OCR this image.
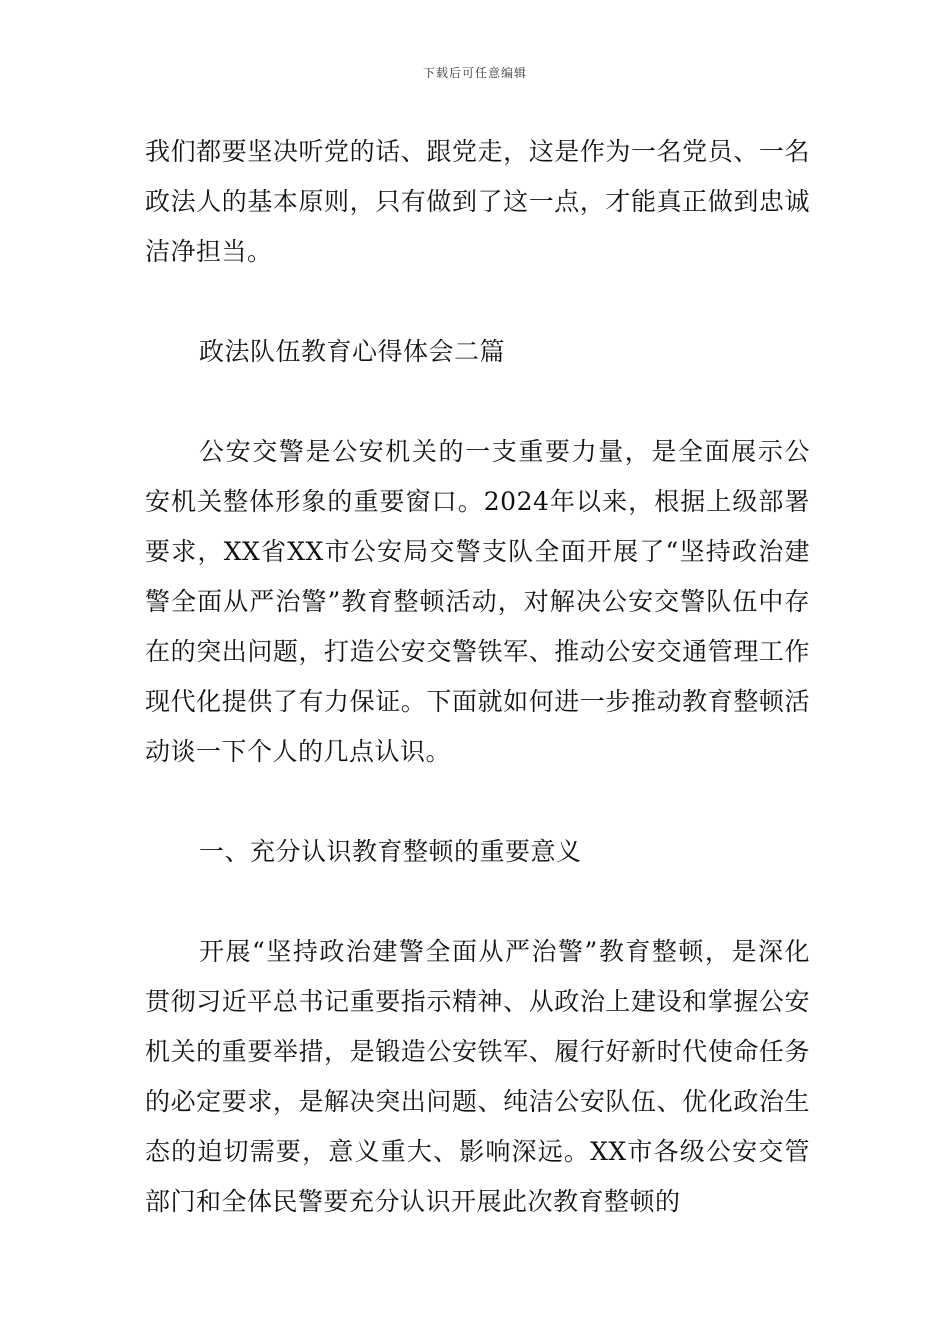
下载后可任意编辑

我们都要坚决听党的话、跟党走，这是作为一名党员、一名政法人的基本原则，只有做到了这一点，才能真正做到忠诚洁净担当。

政法队伍教育心得体会二篇

公安交警是公安机关的一支重要力量，是全面展示公安机关整体形象的重要窗口。2024年以来，根据上级部署要求，XX省XX市公安局交警支队全面开展了“坚持政治建警全面从严治警”教育整顿活动，对解决公安交警队伍中存在的突出问题，打造公安交警铁军、推动公安交通管理工作现代化提供了有力保证。下面就如何进一步推动教育整顿活动谈一下个人的几点认识。

一、充分认识教育整顿的重要意义

开展“坚持政治建警全面从严治警”教育整顿，是深化贯彻习近平总书记重要指示精神、从政治上建设和掌握公安机关的重要举措，是锻造公安铁军、履行好新时代使命任务的必定要求，是解决突出问题、纯洁公安队伍、优化政治生态的迫切需要，意义重大、影响深远。XX市各级公安交管部门和全体民警要充分认识开展此次教育整顿的
